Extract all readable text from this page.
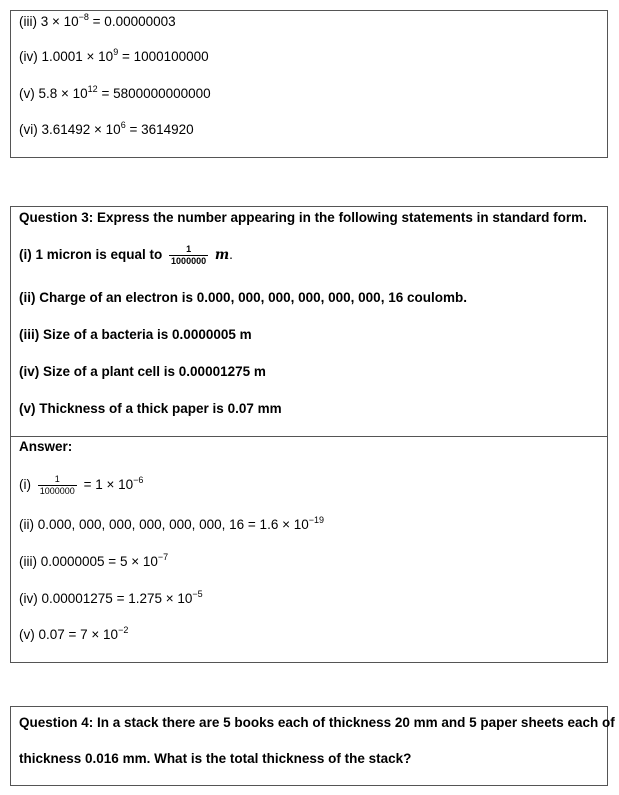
(iii) $3 \times 10^{-8} = 0.00000003$
(iv) $1.0001 \times 10^9 = 1000100000$
(v) $5.8 \times 10^{12} = 5800000000000$
(vi) $3.61492 \times 10^6 = 3614920$
Question 3: Express the number appearing in the following statements in standard form.
(i) 1 micron is equal to $\frac{1}{1000000} m$.
(ii) Charge of an electron is 0.000, 000, 000, 000, 000, 000, 16 coulomb.
(iii) Size of a bacteria is 0.0000005 m
(iv) Size of a plant cell is 0.00001275 m
(v) Thickness of a thick paper is 0.07 mm
Answer:
$(i) \frac{1}{1000000} = 1 \times 10^{-6}$
(ii) 0.000, 000, 000, 000, 000, 000, $16 = 1.6 \times 10^{-19}$
(iii) $0.0000005 = 5 \times 10^{-7}$
(iv) $0.00001275 = 1.275 \times 10^{-5}$
(v) $0.07 = 7 \times 10^{-2}$
Question 4: In a stack there are 5 books each of thickness 20 mm and 5 paper sheets each of
thickness 0.016 mm. What is the total thickness of the stack?
